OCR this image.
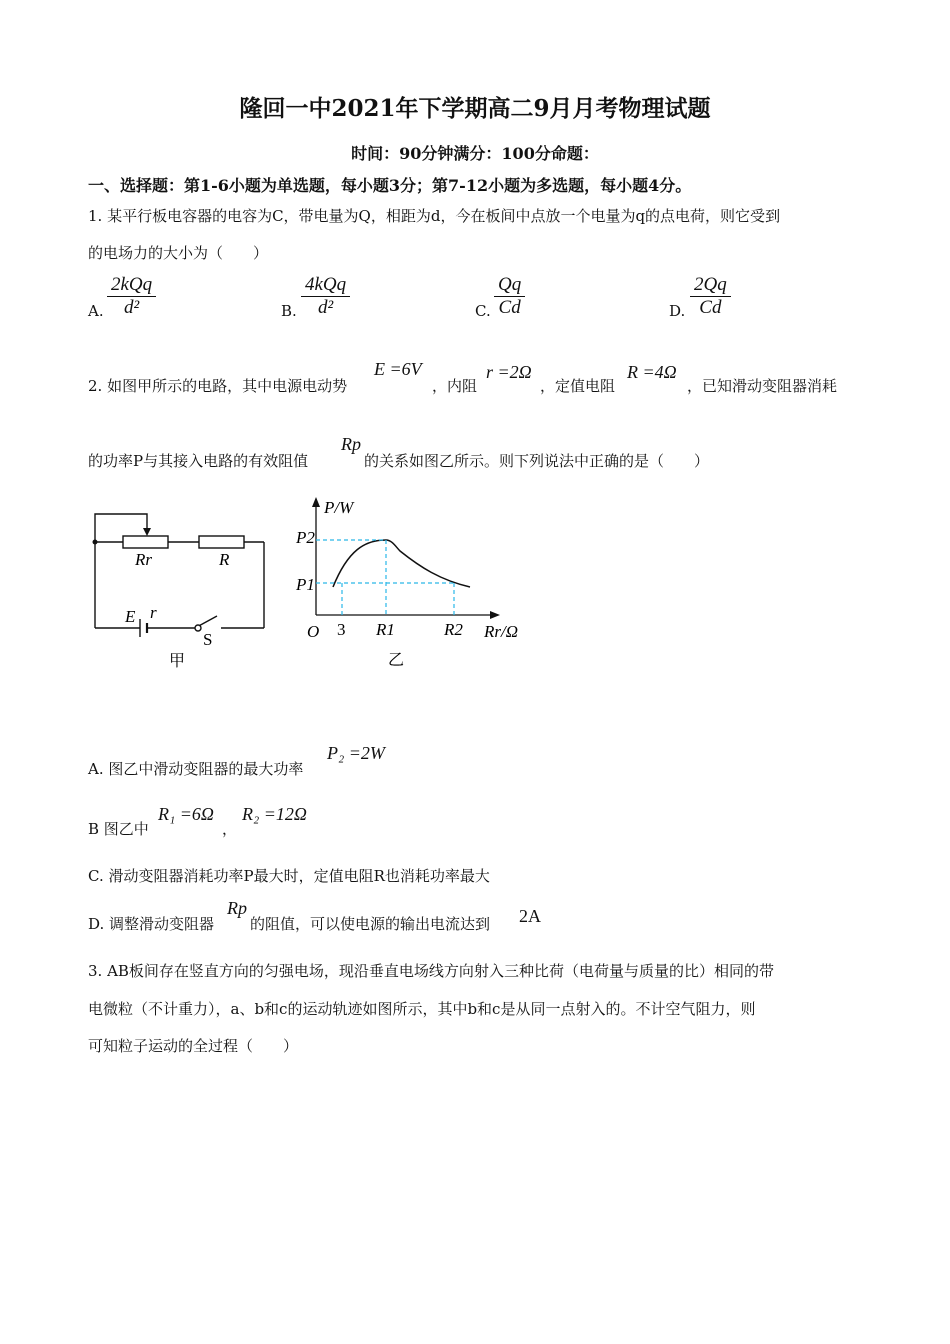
隆回一中2021年下学期高二9月月考物理试题
时间：90分钟满分：100分命题：
一、选择题：第1-6小题为单选题，每小题3分；第7-12小题为多选题，每小题4分。
1. 某平行板电容器的电容为C，带电量为Q，相距为d，今在板间中点放一个电量为q的点电荷，则它受到
的电场力的大小为（　　）
A.
2kQq
d²	B.
4kQq
d²	C. $\frac{Qq}{Cd}$	D. $\frac{2Qq}{Cd}$
2. 如图甲所示的电路，其中电源电动势
E =6V
，内阻
r =2Ω
，定值电阻
R =4Ω
，已知滑动变阻器消耗
的功率P与其接入电路的有效阻值
Rp
的关系如图乙所示。则下列说法中正确的是（　　）
Rr	R
E r
S
甲
P/W
P2
P1
O 3 R1	R2 Rr/Ω
乙
A. 图乙中滑动变阻器的最大功率
P₂ =2W
B 图乙中
R₁ =6Ω
，
R₂ =12Ω
C. 滑动变阻器消耗功率P最大时，定值电阻R也消耗功率最大
D. 调整滑动变阻器
Rp
的阻值，可以使电源的输出电流达到 2A
3. AB板间存在竖直方向的匀强电场，现沿垂直电场线方向射入三种比荷（电荷量与质量的比）相同的带
电微粒（不计重力），a、b和c的运动轨迹如图所示，其中b和c是从同一点射入的。不计空气阻力，则
可知粒子运动的全过程（　　）
